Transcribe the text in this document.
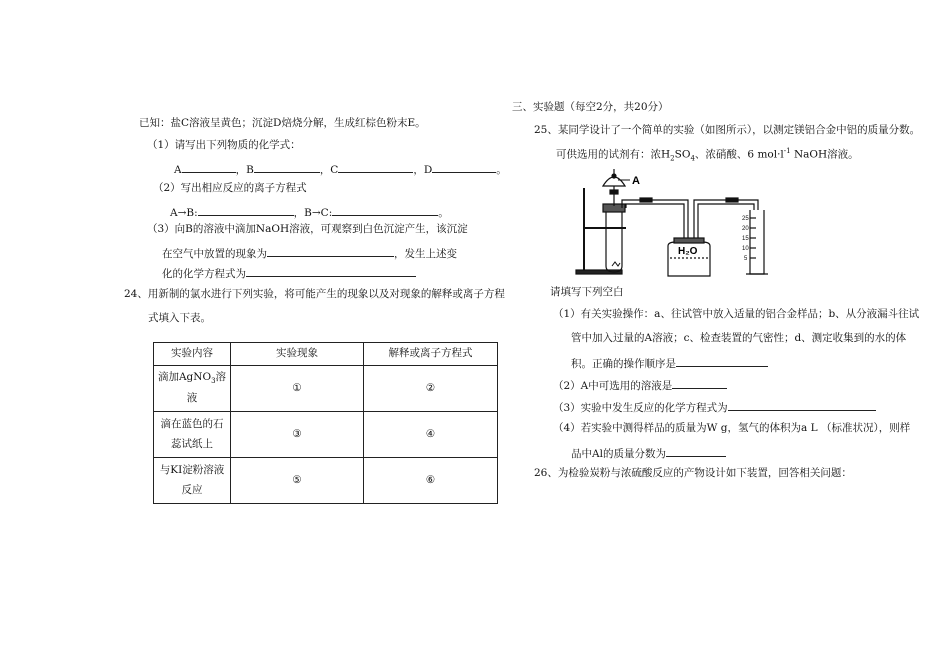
已知：盐C溶液呈黄色；沉淀D焙烧分解，生成红棕色粉末E。
（1）请写出下列物质的化学式：
A	，B	，C	，D	。
（2）写出相应反应的离子方程式
A→B:	，B→C:	。
（3）向B的溶液中滴加NaOH溶液，可观察到白色沉淀产生，该沉淀
在空气中放置的现象为	，发生上述变
化的化学方程式为
24、用新制的氯水进行下列实验，将可能产生的现象以及对现象的解释或离子方程
式填入下表。
实验内容	实验现象	解释或离子方程式
滴加AgNO$_3$溶
液	①	②
滴在蓝色的石
蕊试纸上	③	④
与KI淀粉溶液
反应	⑤	⑥
三、实验题（每空2分，共20分）
25、某同学设计了一个简单的实验（如图所示），以测定镁铝合金中铝的质量分数。
可供选用的试剂有：浓$H_2SO_4$、浓硝酸、6 $mol\cdot l^{-1}$ NaOH溶液。
A
H₂O
25
20
15
10
5
请填写下列空白
（1）有关实验操作：a、往试管中放入适量的铝合金样品；b、从分液漏斗往试
管中加入过量的A溶液；c、检查装置的气密性；d、测定收集到的水的体
积。正确的操作顺序是
（2）A中可选用的溶液是
（3）实验中发生反应的化学方程式为
（4）若实验中测得样品的质量为W g，氢气的体积为a L （标准状况），则样
品中Al的质量分数为
26、为检验炭粉与浓硫酸反应的产物设计如下装置，回答相关问题：
